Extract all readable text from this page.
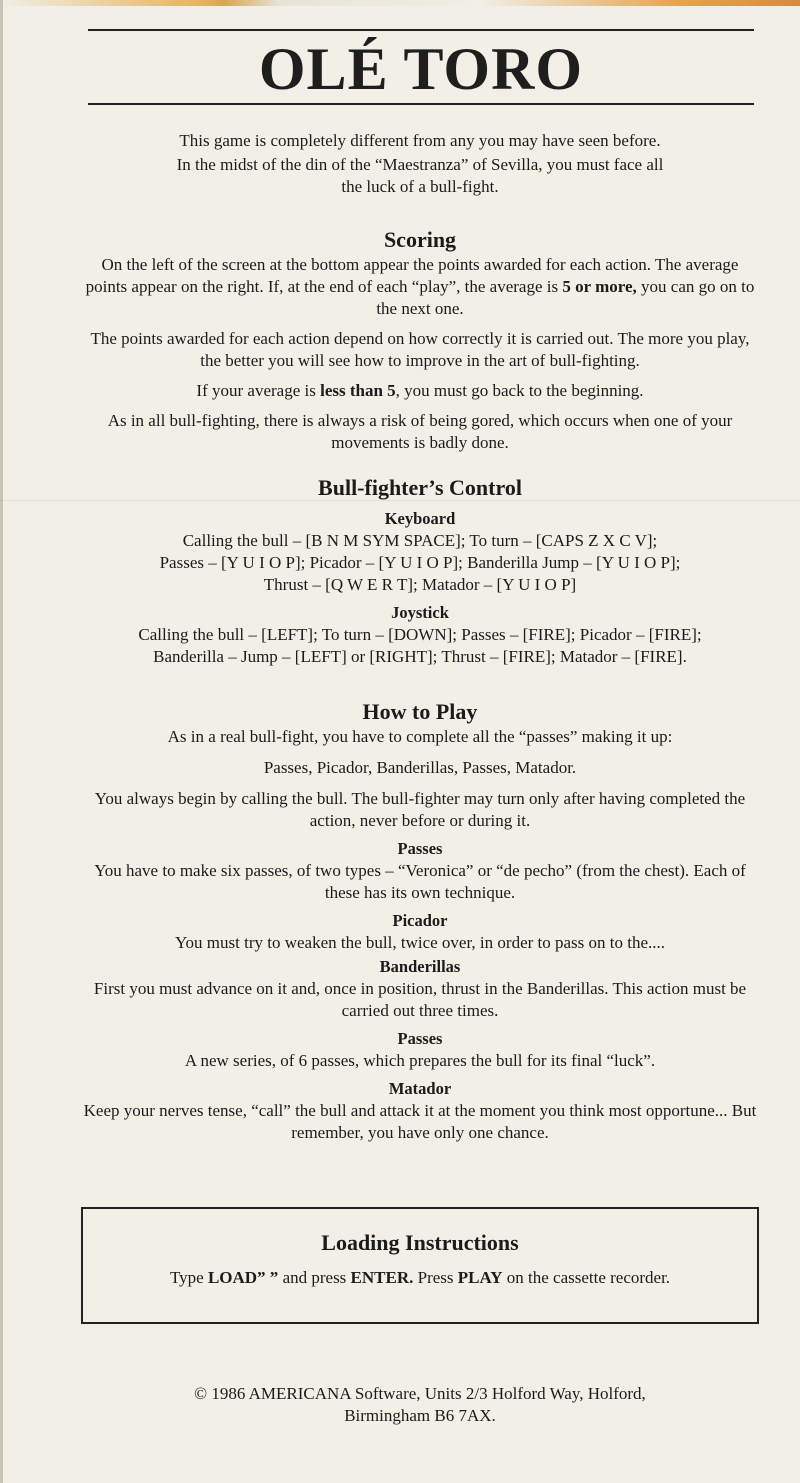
OLÉ TORO

This game is completely different from any you may have seen before.

In the midst of the din of the “Maestranza” of Sevilla, you must face all the luck of a bull-fight.

Scoring

On the left of the screen at the bottom appear the points awarded for each action. The average points appear on the right. If, at the end of each “play”, the average is 5 or more, you can go on to the next one.

The points awarded for each action depend on how correctly it is carried out. The more you play, the better you will see how to improve in the art of bull-fighting.

If your average is less than 5, you must go back to the beginning.

As in all bull-fighting, there is always a risk of being gored, which occurs when one of your movements is badly done.

Bull-fighter’s Control
Keyboard

Calling the bull – [B N M SYM SPACE]; To turn – [CAPS Z X C V];

Passes – [Y U I O P]; Picador – [Y U I O P]; Banderilla Jump – [Y U I O P];

Thrust – [Q W E R T]; Matador – [Y U I O P]

Joystick

Calling the bull – [LEFT]; To turn – [DOWN]; Passes – [FIRE]; Picador – [FIRE];

Banderilla – Jump – [LEFT] or [RIGHT]; Thrust – [FIRE]; Matador – [FIRE].

How to Play

As in a real bull-fight, you have to complete all the “passes” making it up:

Passes, Picador, Banderillas, Passes, Matador.

You always begin by calling the bull. The bull-fighter may turn only after having completed the action, never before or during it.

Passes

You have to make six passes, of two types – “Veronica” or “de pecho” (from the chest). Each of these has its own technique.

Picador

You must try to weaken the bull, twice over, in order to pass on to the....

Banderillas

First you must advance on it and, once in position, thrust in the Banderillas. This action must be carried out three times.

Passes

A new series, of 6 passes, which prepares the bull for its final “luck”.

Matador

Keep your nerves tense, “call” the bull and attack it at the moment you think most opportune... But remember, you have only one chance.

Loading Instructions
Type LOAD” ” and press ENTER. Press PLAY on the cassette recorder.

© 1986 AMERICANA Software, Units 2/3 Holford Way, Holford,

Birmingham B6 7AX.
